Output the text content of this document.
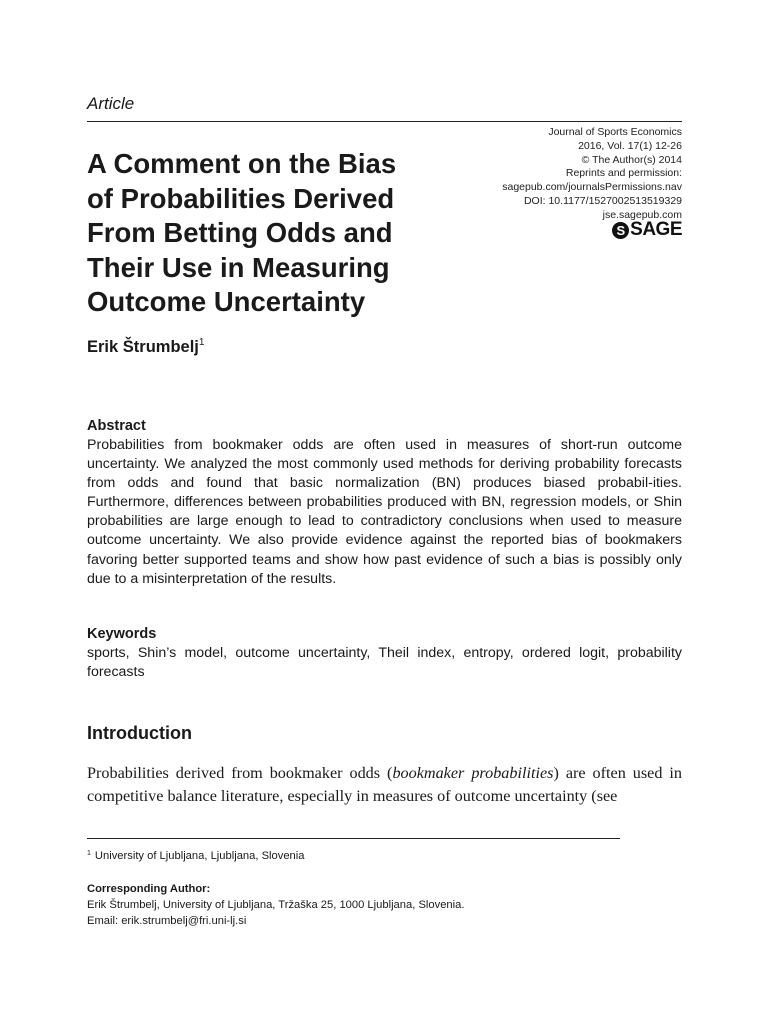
Article
A Comment on the Bias
of Probabilities Derived
From Betting Odds and
Their Use in Measuring
Outcome Uncertainty
Journal of Sports Economics
2016, Vol. 17(1) 12-26
© The Author(s) 2014
Reprints and permission:
sagepub.com/journalsPermissions.nav
DOI: 10.1177/1527002513519329
jse.sagepub.com
S SAGE
Erik Štrumbelj$^1$
Abstract

Probabilities from bookmaker odds are often used in measures of short-run outcome uncertainty. We analyzed the most commonly used methods for deriving probability forecasts from odds and found that basic normalization (BN) produces biased probabil-ities. Furthermore, differences between probabilities produced with BN, regression models, or Shin probabilities are large enough to lead to contradictory conclusions when used to measure outcome uncertainty. We also provide evidence against the reported bias of bookmakers favoring better supported teams and show how past evidence of such a bias is possibly only due to a misinterpretation of the results.

Keywords

sports, Shin’s model, outcome uncertainty, Theil index, entropy, ordered logit, probability forecasts

Introduction

Probabilities derived from bookmaker odds (bookmaker probabilities) are often used in competitive balance literature, especially in measures of outcome uncertainty (see

$^1$ University of Ljubljana, Ljubljana, Slovenia
Corresponding Author:
Erik Štrumbelj, University of Ljubljana, Tržaška 25, 1000 Ljubljana, Slovenia.
Email: erik.strumbelj@fri.uni-lj.si
